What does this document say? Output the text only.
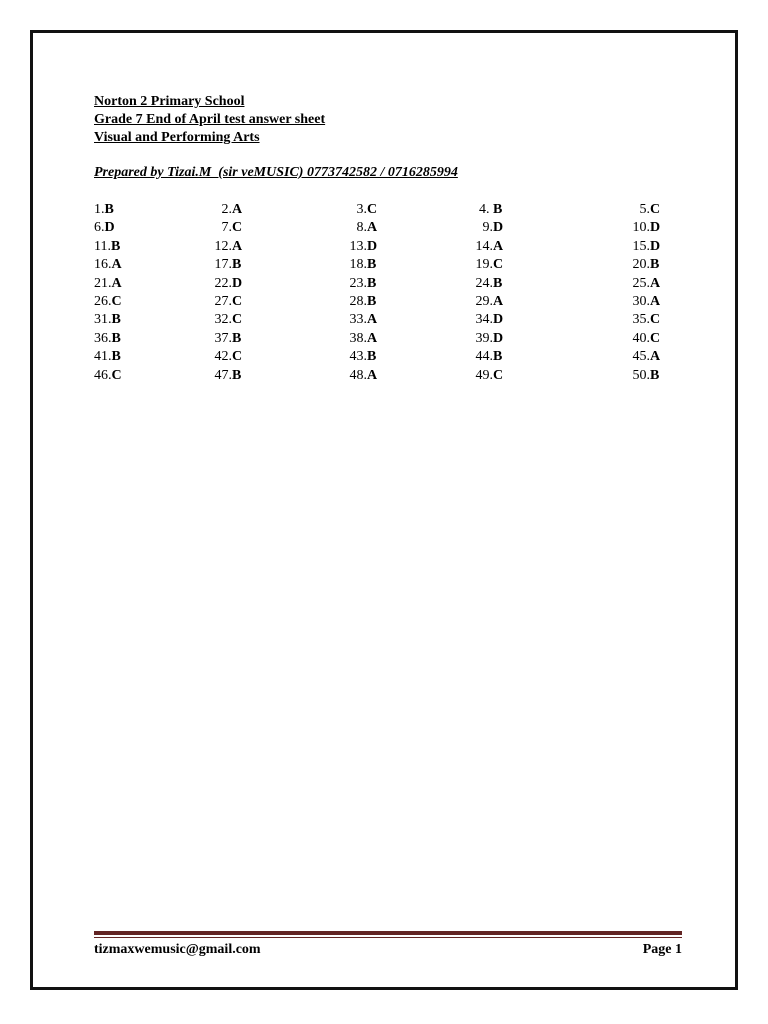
Norton 2 Primary School
Grade 7 End of April test answer sheet
Visual and Performing Arts
Prepared by Tizai.M  (sir veMUSIC) 0773742582 / 0716285994
1.B	2.A	3.C	4. B	5.C
6.D	7.C	8.A	9.D	10.D
11.B	12.A	13.D	14.A	15.D
16.A	17.B	18.B	19.C	20.B
21.A	22.D	23.B	24.B	25.A
26.C	27.C	28.B	29.A	30.A
31.B	32.C	33.A	34.D	35.C
36.B	37.B	38.A	39.D	40.C
41.B	42.C	43.B	44.B	45.A
46.C	47.B	48.A	49.C	50.B
tizmaxwemusic@gmail.com	Page 1
